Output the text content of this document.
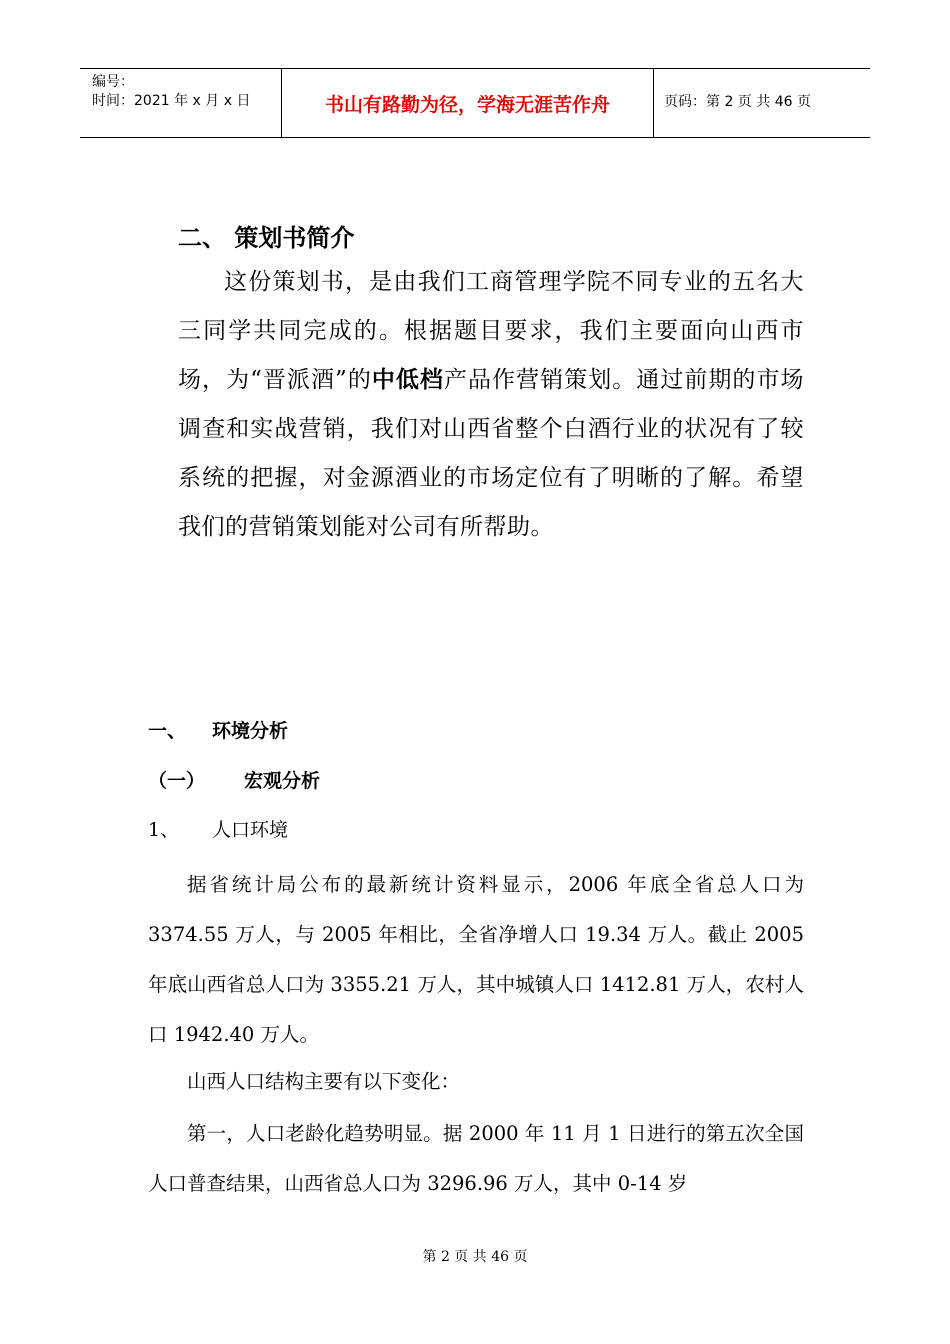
编号：
时间：2021 年 x 月 x 日	书山有路勤为径，学海无涯苦作舟	页码：第 2 页 共 46 页
二、 策划书简介
这份策划书，是由我们工商管理学院不同专业的五名大三同学共同完成的。根据题目要求，我们主要面向山西市场，为“晋派酒”的中低档产品作营销策划。通过前期的市场调查和实战营销，我们对山西省整个白酒行业的状况有了较系统的把握，对金源酒业的市场定位有了明晰的了解。希望我们的营销策划能对公司有所帮助。
一、 环境分析
（一） 宏观分析
1、 人口环境
据省统计局公布的最新统计资料显示，2006 年底全省总人口为 3374.55 万人，与 2005 年相比，全省净增人口 19.34 万人。截止 2005 年底山西省总人口为 3355.21 万人，其中城镇人口 1412.81 万人，农村人口 1942.40 万人。
山西人口结构主要有以下变化：
第一，人口老龄化趋势明显。据 2000 年 11 月 1 日进行的第五次全国人口普查结果，山西省总人口为 3296.96 万人，其中 0-14 岁
第 2 页 共 46 页
